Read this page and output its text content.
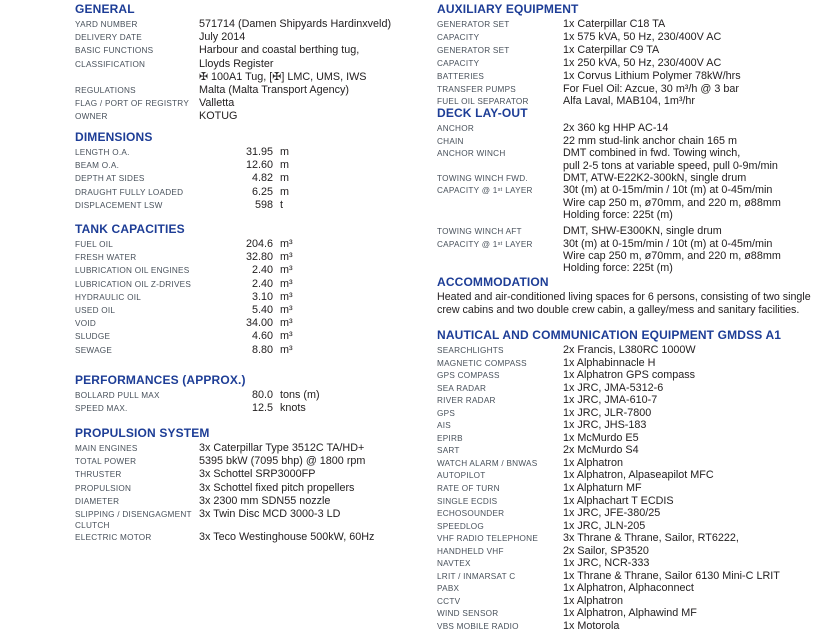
GENERAL
YARD NUMBER	571714 (Damen Shipyards Hardinxveld)
DELIVERY DATE	July 2014
BASIC FUNCTIONS	Harbour and coastal berthing tug,
CLASSIFICATION	Lloyds Register
✠ 100A1 Tug, [✠] LMC, UMS, IWS
REGULATIONS	Malta (Malta Transport Agency)
FLAG / PORT OF REGISTRY Valletta
OWNER	KOTUG
DIMENSIONS
LENGTH O.A.	31.95 m
BEAM O.A.	12.60 m
DEPTH AT SIDES	4.82 m
DRAUGHT FULLY LOADED	6.25 m
DISPLACEMENT LSW	598 t
TANK CAPACITIES
FUEL OIL	204.6 m³
FRESH WATER	32.80 m³
LUBRICATION OIL ENGINES	2.40 m³
LUBRICATION OIL Z-DRIVES	2.40 m³
HYDRAULIC OIL	3.10 m³
USED OIL	5.40 m³
VOID	34.00 m³
SLUDGE	4.60 m³
SEWAGE	8.80 m³
PERFORMANCES (APPROX.)
BOLLARD PULL MAX	80.0 tons (m)
SPEED MAX.	12.5 knots
PROPULSION SYSTEM
MAIN ENGINES	3x Caterpillar Type 3512C TA/HD+
TOTAL POWER	5395 bkW (7095 bhp) @ 1800 rpm
THRUSTER	3x Schottel SRP3000FP
PROPULSION	3x Schottel fixed pitch propellers
DIAMETER	3x 2300 mm SDN55 nozzle
SLIPPING / DISENGAGMENT CLUTCH
3x Twin Disc MCD 3000-3 LD
ELECTRIC MOTOR	3x Teco Westinghouse 500kW, 60Hz
AUXILIARY EQUIPMENT
GENERATOR SET	1x Caterpillar C18 TA
CAPACITY	1x 575 kVA, 50 Hz, 230/400V AC
GENERATOR SET	1x Caterpillar C9 TA
CAPACITY	1x 250 kVA, 50 Hz, 230/400V AC
BATTERIES	1x Corvus Lithium Polymer 78kW/hrs
TRANSFER PUMPS	For Fuel Oil: Azcue, 30 m³/h @ 3 bar
FUEL OIL SEPARATOR	Alfa Laval, MAB104, 1m³/hr
DECK LAY-OUT
ANCHOR	2x 360 kg HHP AC-14
CHAIN	22 mm stud-link anchor chain 165 m
ANCHOR WINCH	DMT combined in fwd. Towing winch,
pull 2-5 tons at variable speed, pull 0-9m/min
TOWING WINCH FWD.	DMT, ATW-E22K2-300kN, single drum
CAPACITY @ 1ˢᵗ LAYER	30t (m) at 0-15m/min / 10t (m) at 0-45m/min
Wire cap 250 m, ø70mm, and 220 m, ø88mm
Holding force: 225t (m)
TOWING WINCH AFT	DMT, SHW-E300KN, single drum
CAPACITY @ 1ˢᵗ LAYER	30t (m) at 0-15m/min / 10t (m) at 0-45m/min
Wire cap 250 m, ø70mm, and 220 m, ø88mm
Holding force: 225t (m)
ACCOMMODATION

Heated and air-conditioned living spaces for 6 persons, consisting of two single crew cabins and two double crew cabin, a galley/mess and sanitary facilities.

NAUTICAL AND COMMUNICATION EQUIPMENT GMDSS A1
SEARCHLIGHTS	2x Francis, L380RC 1000W
MAGNETIC COMPASS	1x Alphabinnacle H
GPS COMPASS	1x Alphatron GPS compass
SEA RADAR	1x JRC, JMA-5312-6
RIVER RADAR	1x JRC, JMA-610-7
GPS	1x JRC, JLR-7800
AIS	1x JRC, JHS-183
EPIRB	1x McMurdo E5
SART	2x McMurdo S4
WATCH ALARM / BNWAS	1x Alphatron
AUTOPILOT	1x Alphatron, Alpaseapilot MFC
RATE OF TURN	1x Alphaturn MF
SINGLE ECDIS	1x Alphachart T ECDIS
ECHOSOUNDER	1x JRC, JFE-380/25
SPEEDLOG	1x JRC, JLN-205
VHF RADIO TELEPHONE	3x Thrane & Thrane, Sailor, RT6222,
HANDHELD VHF	2x Sailor, SP3520
NAVTEX	1x JRC, NCR-333
LRIT / INMARSAT C	1x Thrane & Thrane, Sailor 6130 Mini-C LRIT
PABX	1x Alphatron, Alphaconnect
CCTV	1x Alphatron
WIND SENSOR	1x Alphatron, Alphawind MF
VBS MOBILE RADIO	1x Motorola
